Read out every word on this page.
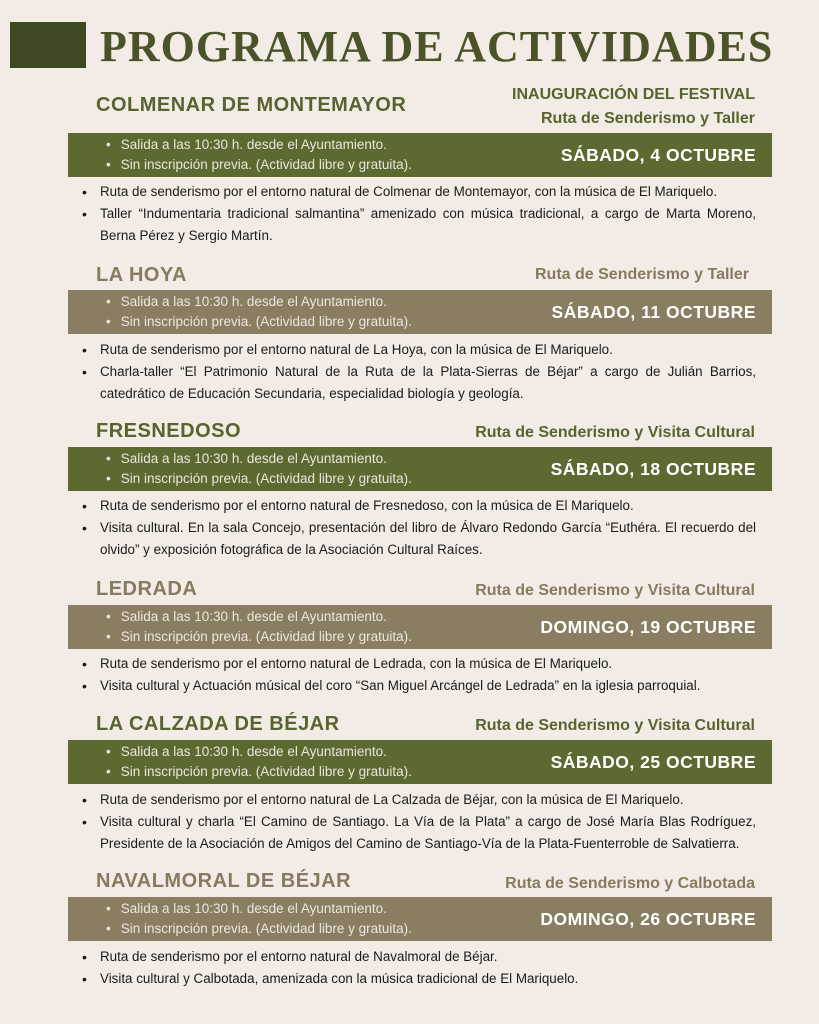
PROGRAMA DE ACTIVIDADES
COLMENAR DE MONTEMAYOR	INAUGURACIÓN DEL FESTIVAL
Ruta de Senderismo y Taller
• Salida a las 10:30 h. desde el Ayuntamiento.
• Sin inscripción previa. (Actividad libre y gratuita).	SÁBADO, 4 OCTUBRE
• Ruta de senderismo por el entorno natural de Colmenar de Montemayor, con la música de El Mariquelo.
• Taller “Indumentaria tradicional salmantina” amenizado con música tradicional, a cargo de Marta Moreno, Berna Pérez y Sergio Martín.
LA HOYA	Ruta de Senderismo y Taller
• Salida a las 10:30 h. desde el Ayuntamiento.
• Sin inscripción previa. (Actividad libre y gratuita).	SÁBADO, 11 OCTUBRE
• Ruta de senderismo por el entorno natural de La Hoya, con la música de El Mariquelo.
• Charla-taller “El Patrimonio Natural de la Ruta de la Plata-Sierras de Béjar” a cargo de Julián Barrios, catedrático de Educación Secundaria, especialidad biología y geología.
FRESNEDOSO	Ruta de Senderismo y Visita Cultural
• Salida a las 10:30 h. desde el Ayuntamiento.
• Sin inscripción previa. (Actividad libre y gratuita).	SÁBADO, 18 OCTUBRE
• Ruta de senderismo por el entorno natural de Fresnedoso, con la música de El Mariquelo.
• Visita cultural. En la sala Concejo, presentación del libro de Álvaro Redondo García “Euthéra. El recuerdo del olvido” y exposición fotográfica de la Asociación Cultural Raíces.
LEDRADA	Ruta de Senderismo y Visita Cultural
• Salida a las 10:30 h. desde el Ayuntamiento.
• Sin inscripción previa. (Actividad libre y gratuita).	DOMINGO, 19 OCTUBRE
• Ruta de senderismo por el entorno natural de Ledrada, con la música de El Mariquelo.
• Visita cultural y Actuación músical del coro “San Miguel Arcángel de Ledrada” en la iglesia parroquial.
LA CALZADA DE BÉJAR	Ruta de Senderismo y Visita Cultural
• Salida a las 10:30 h. desde el Ayuntamiento.
• Sin inscripción previa. (Actividad libre y gratuita).	SÁBADO, 25 OCTUBRE
• Ruta de senderismo por el entorno natural de La Calzada de Béjar, con la música de El Mariquelo.
• Visita cultural y charla “El Camino de Santiago. La Vía de la Plata” a cargo de José María Blas Rodríguez, Presidente de la Asociación de Amigos del Camino de Santiago-Vía de la Plata-Fuenterroble de Salvatierra.
NAVALMORAL DE BÉJAR	Ruta de Senderismo y Calbotada
• Salida a las 10:30 h. desde el Ayuntamiento.
• Sin inscripción previa. (Actividad libre y gratuita).	DOMINGO, 26 OCTUBRE
• Ruta de senderismo por el entorno natural de Navalmoral de Béjar.
• Visita cultural y Calbotada, amenizada con la música tradicional de El Mariquelo.
